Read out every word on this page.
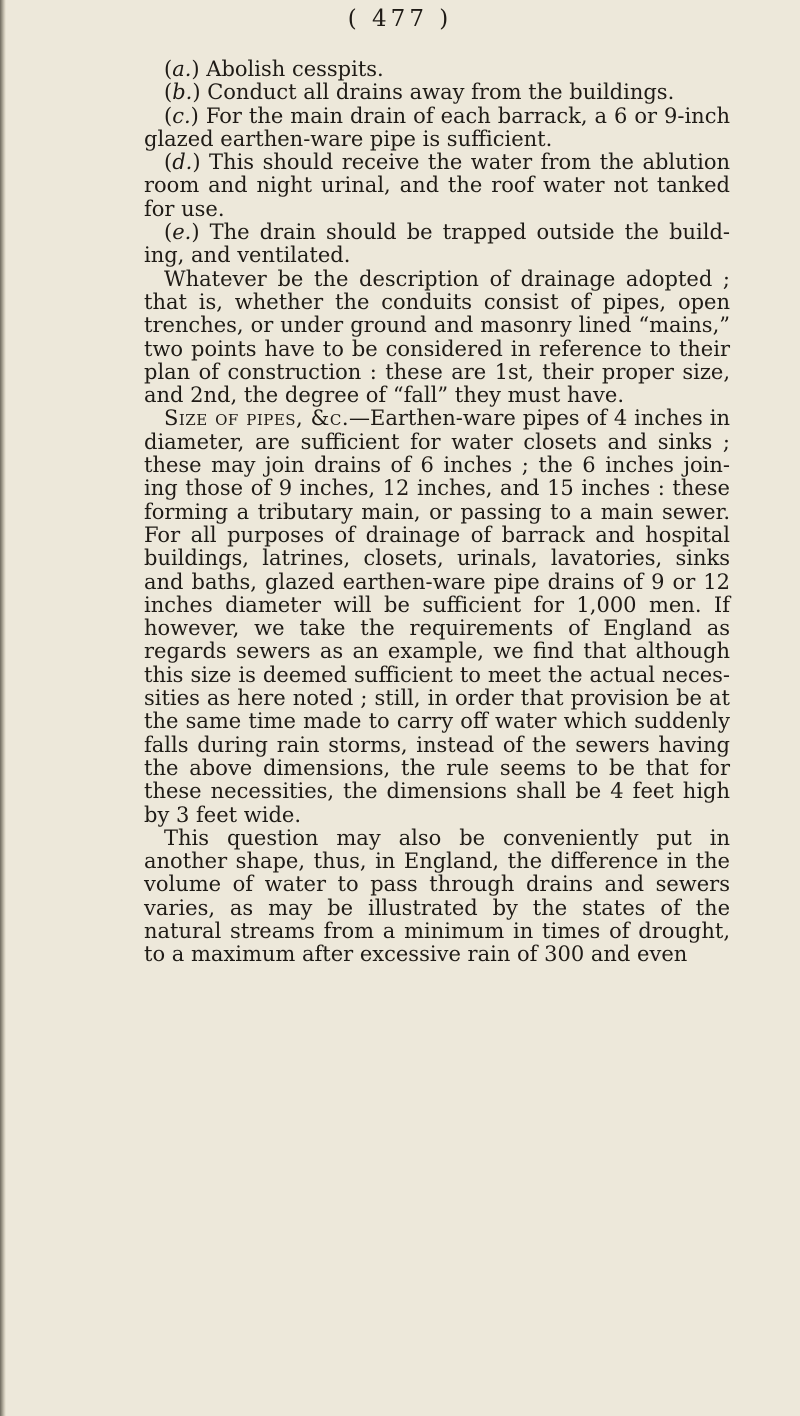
( 477 )

(a.) Abolish cesspits.

(b.) Conduct all drains away from the buildings.

(c.) For the main drain of each barrack, a 6 or 9-inch glazed earthen-ware pipe is sufficient.

(d.) This should receive the water from the ablution room and night urinal, and the roof water not tanked for use.

(e.) The drain should be trapped outside the build-ing, and ventilated.

Whatever be the description of drainage adopted ; that is, whether the conduits consist of pipes, open trenches, or under ground and masonry lined “mains,” two points have to be considered in reference to their plan of construction : these are 1st, their proper size, and 2nd, the degree of “fall” they must have.

Size of pipes, &c.—Earthen-ware pipes of 4 inches in diameter, are sufficient for water closets and sinks ; these may join drains of 6 inches ; the 6 inches join-ing those of 9 inches, 12 inches, and 15 inches : these forming a tributary main, or passing to a main sewer. For all purposes of drainage of barrack and hospital buildings, latrines, closets, urinals, lavatories, sinks and baths, glazed earthen-ware pipe drains of 9 or 12 inches diameter will be sufficient for 1,000 men. If however, we take the requirements of England as regards sewers as an example, we find that although this size is deemed sufficient to meet the actual neces-sities as here noted ; still, in order that provision be at the same time made to carry off water which suddenly falls during rain storms, instead of the sewers having the above dimensions, the rule seems to be that for these necessities, the dimensions shall be 4 feet high by 3 feet wide.

This question may also be conveniently put in another shape, thus, in England, the difference in the volume of water to pass through drains and sewers varies, as may be illustrated by the states of the natural streams from a minimum in times of drought, to a maximum after excessive rain of 300 and even
